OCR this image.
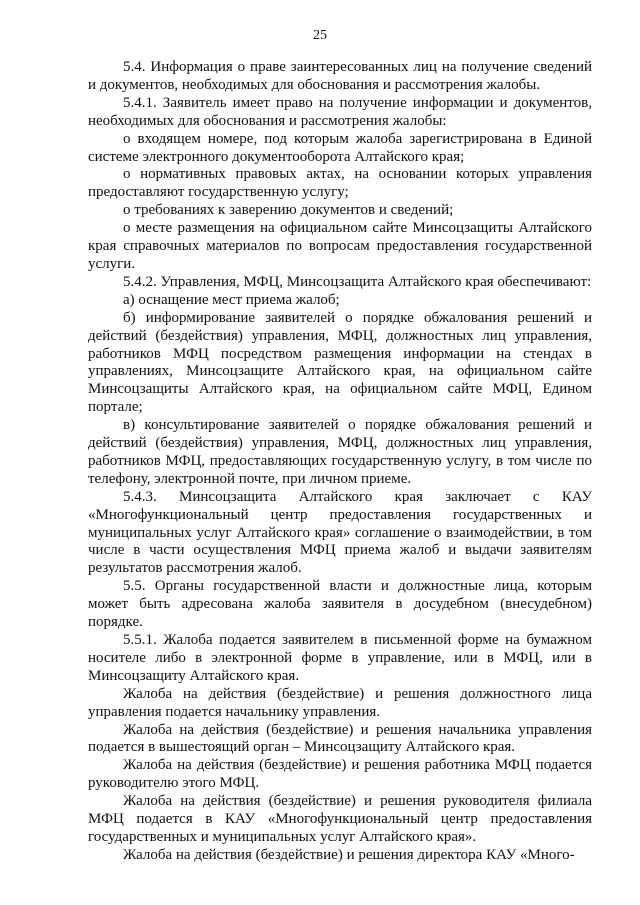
25

5.4. Информация о праве заинтересованных лиц на получение сведений и документов, необходимых для обоснования и рассмотрения жалобы.

5.4.1. Заявитель имеет право на получение информации и документов, необходимых для обоснования и рассмотрения жалобы:

о входящем номере, под которым жалоба зарегистрирована в Единой системе электронного документооборота Алтайского края;

о нормативных правовых актах, на основании которых управления предоставляют государственную услугу;

о требованиях к заверению документов и сведений;

о месте размещения на официальном сайте Минсоцзащиты Алтайского края справочных материалов по вопросам предоставления государственной услуги.

5.4.2. Управления, МФЦ, Минсоцзащита Алтайского края обеспечивают:

а) оснащение мест приема жалоб;

б) информирование заявителей о порядке обжалования решений и действий (бездействия) управления, МФЦ, должностных лиц управления, работников МФЦ посредством размещения информации на стендах в управлениях, Минсоцзащите Алтайского края, на официальном сайте Минсоцзащиты Алтайского края, на официальном сайте МФЦ, Едином портале;

в) консультирование заявителей о порядке обжалования решений и действий (бездействия) управления, МФЦ, должностных лиц управления, работников МФЦ, предоставляющих государственную услугу, в том числе по телефону, электронной почте, при личном приеме.

5.4.3. Минсоцзащита Алтайского края заключает с КАУ «Многофункциональный центр предоставления государственных и муниципальных услуг Алтайского края» соглашение о взаимодействии, в том числе в части осуществления МФЦ приема жалоб и выдачи заявителям результатов рассмотрения жалоб.

5.5. Органы государственной власти и должностные лица, которым может быть адресована жалоба заявителя в досудебном (внесудебном) порядке.

5.5.1. Жалоба подается заявителем в письменной форме на бумажном носителе либо в электронной форме в управление, или в МФЦ, или в Минсоцзащиту Алтайского края.

Жалоба на действия (бездействие) и решения должностного лица управления подается начальнику управления.

Жалоба на действия (бездействие) и решения начальника управления подается в вышестоящий орган – Минсоцзащиту Алтайского края.

Жалоба на действия (бездействие) и решения работника МФЦ подается руководителю этого МФЦ.

Жалоба на действия (бездействие) и решения руководителя филиала МФЦ подается в КАУ «Многофункциональный центр предоставления государственных и муниципальных услуг Алтайского края».

Жалоба на действия (бездействие) и решения директора КАУ «Много-
